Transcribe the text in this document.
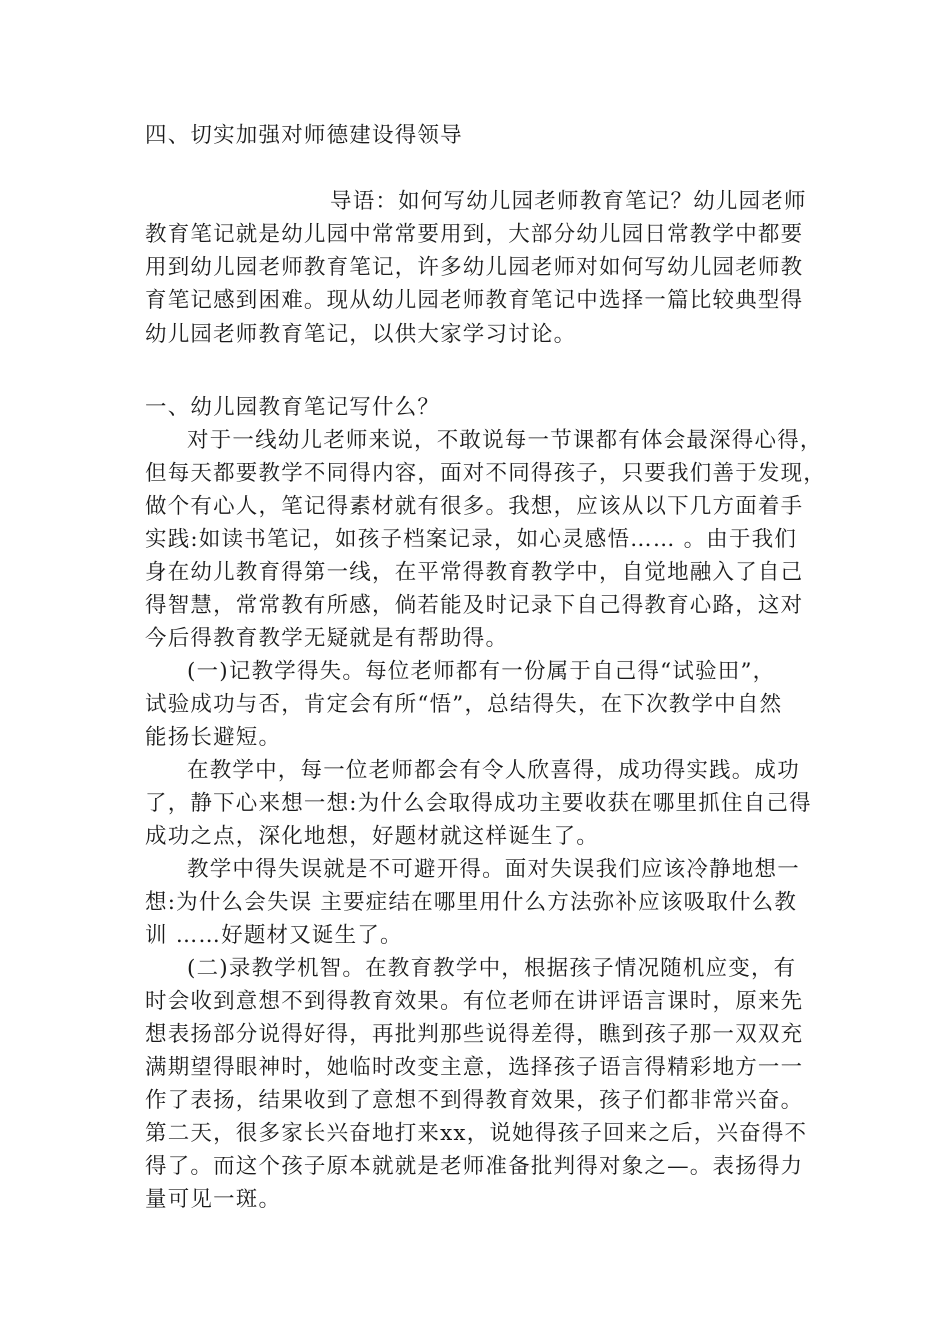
四、切实加强对师德建设得领导
导语：如何写幼儿园老师教育笔记？幼儿园老师
教育笔记就是幼儿园中常常要用到，大部分幼儿园日常教学中都要
用到幼儿园老师教育笔记，许多幼儿园老师对如何写幼儿园老师教
育笔记感到困难。现从幼儿园老师教育笔记中选择一篇比较典型得
幼儿园老师教育笔记，以供大家学习讨论。
一、幼儿园教育笔记写什么？
对于一线幼儿老师来说，不敢说每一节课都有体会最深得心得，
但每天都要教学不同得内容，面对不同得孩子，只要我们善于发现，
做个有心人，笔记得素材就有很多。我想，应该从以下几方面着手
实践:如读书笔记，如孩子档案记录，如心灵感悟…… 。由于我们
身在幼儿教育得第一线，在平常得教育教学中，自觉地融入了自己
得智慧，常常教有所感，倘若能及时记录下自己得教育心路，这对
今后得教育教学无疑就是有帮助得。
(一)记教学得失。每位老师都有一份属于自己得“试验田”，
试验成功与否，肯定会有所“悟”，总结得失，在下次教学中自然
能扬长避短。
在教学中，每一位老师都会有令人欣喜得，成功得实践。成功
了，静下心来想一想:为什么会取得成功主要收获在哪里抓住自己得
成功之点，深化地想，好题材就这样诞生了。
教学中得失误就是不可避开得。面对失误我们应该冷静地想一
想:为什么会失误 主要症结在哪里用什么方法弥补应该吸取什么教
训 ……好题材又诞生了。
(二)录教学机智。在教育教学中，根据孩子情况随机应变，有
时会收到意想不到得教育效果。有位老师在讲评语言课时，原来先
想表扬部分说得好得，再批判那些说得差得，瞧到孩子那一双双充
满期望得眼神时，她临时改变主意，选择孩子语言得精彩地方一一
作了表扬，结果收到了意想不到得教育效果，孩子们都非常兴奋。
第二天，很多家长兴奋地打来xx，说她得孩子回来之后，兴奋得不
得了。而这个孩子原本就就是老师准备批判得对象之—。表扬得力
量可见一斑。
